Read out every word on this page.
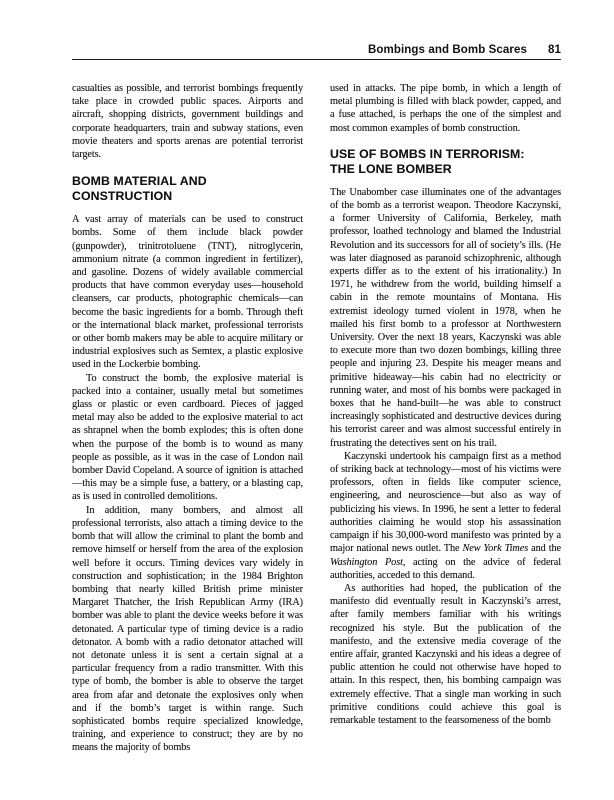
Bombings and Bomb Scares 81

casualties as possible, and terrorist bombings frequently take place in crowded public spaces. Airports and aircraft, shopping districts, government buildings and corporate headquarters, train and subway stations, even movie theaters and sports arenas are potential terrorist targets.

BOMB MATERIAL AND CONSTRUCTION

A vast array of materials can be used to construct bombs. Some of them include black powder (gunpowder), trinitrotoluene (TNT), nitroglycerin, ammonium nitrate (a common ingredient in fertilizer), and gasoline. Dozens of widely available commercial products that have common everyday uses—household cleansers, car products, photographic chemicals—can become the basic ingredients for a bomb. Through theft or the international black market, professional terrorists or other bomb makers may be able to acquire military or industrial explosives such as Semtex, a plastic explosive used in the Lockerbie bombing.

To construct the bomb, the explosive material is packed into a container, usually metal but sometimes glass or plastic or even cardboard. Pieces of jagged metal may also be added to the explosive material to act as shrapnel when the bomb explodes; this is often done when the purpose of the bomb is to wound as many people as possible, as it was in the case of London nail bomber David Copeland. A source of ignition is attached—this may be a simple fuse, a battery, or a blasting cap, as is used in controlled demolitions.

In addition, many bombers, and almost all professional terrorists, also attach a timing device to the bomb that will allow the criminal to plant the bomb and remove himself or herself from the area of the explosion well before it occurs. Timing devices vary widely in construction and sophistication; in the 1984 Brighton bombing that nearly killed British prime minister Margaret Thatcher, the Irish Republican Army (IRA) bomber was able to plant the device weeks before it was detonated. A particular type of timing device is a radio detonator. A bomb with a radio detonator attached will not detonate unless it is sent a certain signal at a particular frequency from a radio transmitter. With this type of bomb, the bomber is able to observe the target area from afar and detonate the explosives only when and if the bomb’s target is within range. Such sophisticated bombs require specialized knowledge, training, and experience to construct; they are by no means the majority of bombs

used in attacks. The pipe bomb, in which a length of metal plumbing is filled with black powder, capped, and a fuse attached, is perhaps the one of the simplest and most common examples of bomb construction.

USE OF BOMBS IN TERRORISM:
THE LONE BOMBER

The Unabomber case illuminates one of the advantages of the bomb as a terrorist weapon. Theodore Kaczynski, a former University of California, Berkeley, math professor, loathed technology and blamed the Industrial Revolution and its successors for all of society’s ills. (He was later diagnosed as paranoid schizophrenic, although experts differ as to the extent of his irrationality.) In 1971, he withdrew from the world, building himself a cabin in the remote mountains of Montana. His extremist ideology turned violent in 1978, when he mailed his first bomb to a professor at Northwestern University. Over the next 18 years, Kaczynski was able to execute more than two dozen bombings, killing three people and injuring 23. Despite his meager means and primitive hideaway—his cabin had no electricity or running water, and most of his bombs were packaged in boxes that he hand-built—he was able to construct increasingly sophisticated and destructive devices during his terrorist career and was almost successful entirely in frustrating the detectives sent on his trail.

Kaczynski undertook his campaign first as a method of striking back at technology—most of his victims were professors, often in fields like computer science, engineering, and neuroscience—but also as way of publicizing his views. In 1996, he sent a letter to federal authorities claiming he would stop his assassination campaign if his 30,000-word manifesto was printed by a major national news outlet. The New York Times and the Washington Post, acting on the advice of federal authorities, acceded to this demand.

As authorities had hoped, the publication of the manifesto did eventually result in Kaczynski’s arrest, after family members familiar with his writings recognized his style. But the publication of the manifesto, and the extensive media coverage of the entire affair, granted Kaczynski and his ideas a degree of public attention he could not otherwise have hoped to attain. In this respect, then, his bombing campaign was extremely effective. That a single man working in such primitive conditions could achieve this goal is remarkable testament to the fearsomeness of the bomb
